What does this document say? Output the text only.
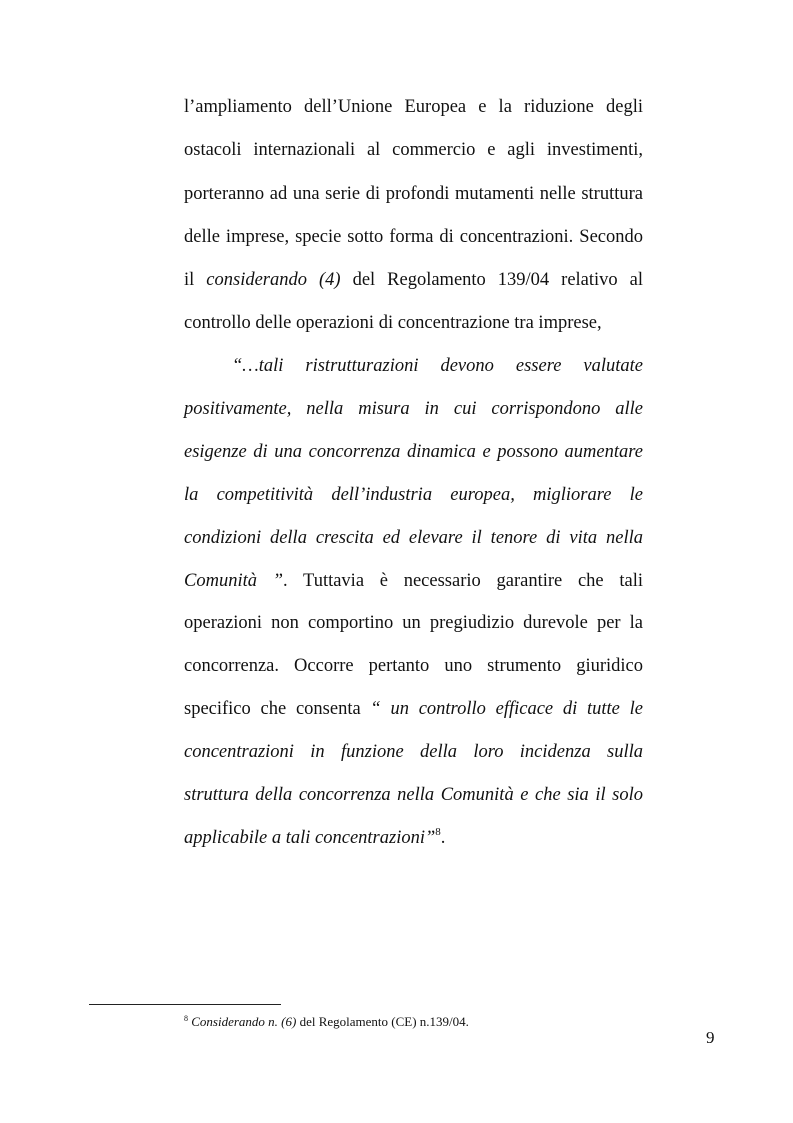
l’ampliamento dell’Unione Europea e la riduzione degli
ostacoli internazionali al commercio e agli investimenti,
porteranno ad una serie di profondi mutamenti nelle struttura
delle imprese, specie sotto forma di concentrazioni. Secondo
il considerando (4) del Regolamento 139/04 relativo al
controllo delle operazioni di concentrazione tra imprese,
“…tali ristrutturazioni devono essere valutate
positivamente, nella misura in cui corrispondono alle
esigenze di una concorrenza dinamica e possono aumentare
la competitività dell’industria europea, migliorare le
condizioni della crescita ed elevare il tenore di vita nella
Comunità ”. Tuttavia è necessario garantire che tali
operazioni non comportino un pregiudizio durevole per la
concorrenza. Occorre pertanto uno strumento giuridico
specifico che consenta “ un controllo efficace di tutte le
concentrazioni in funzione della loro incidenza sulla
struttura della concorrenza nella Comunità e che sia il solo
applicabile a tali concentrazioni”$^8$.
$^8$ Considerando n. (6) del Regolamento (CE) n.139/04.
9
